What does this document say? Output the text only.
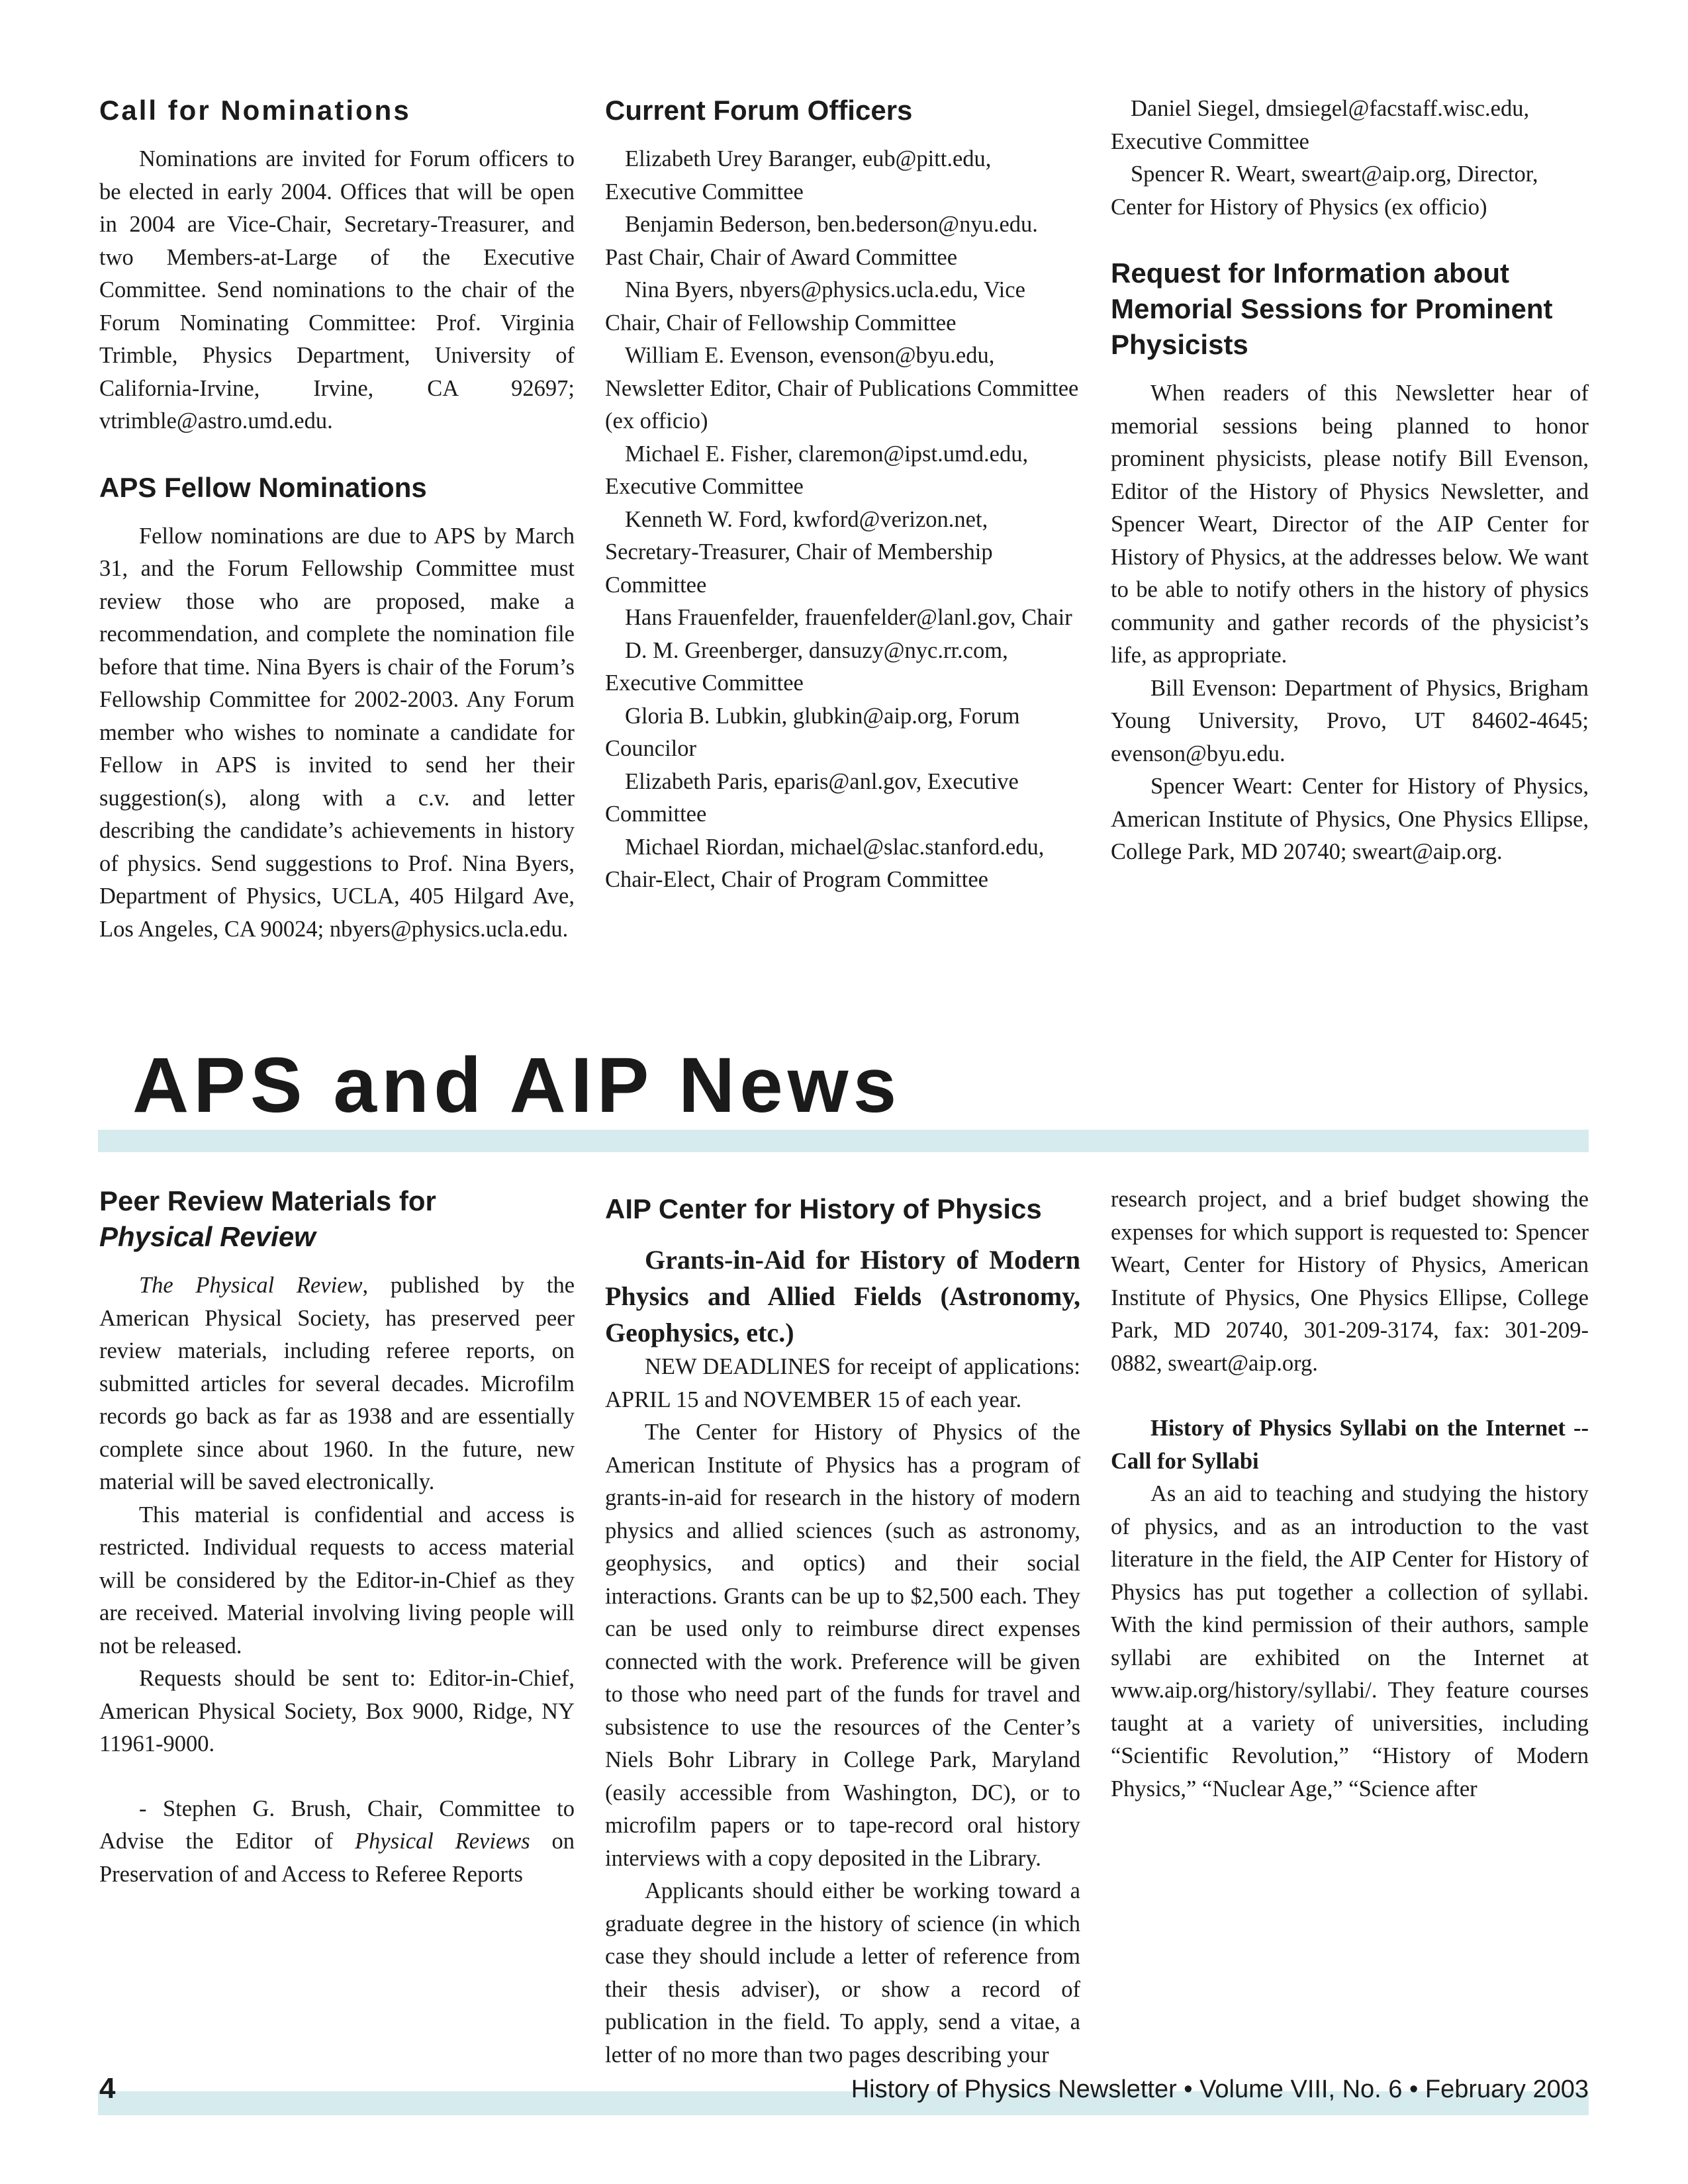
Call for Nominations

Nominations are invited for Forum officers to be elected in early 2004. Offices that will be open in 2004 are Vice-Chair, Secretary-Treasurer, and two Members-at-Large of the Executive Committee. Send nominations to the chair of the Forum Nominating Committee: Prof. Virginia Trimble, Physics Department, University of California-Irvine, Irvine, CA 92697; vtrimble@astro.umd.edu.

APS Fellow Nominations

Fellow nominations are due to APS by March 31, and the Forum Fellowship Committee must review those who are proposed, make a recommendation, and complete the nomination file before that time. Nina Byers is chair of the Forum’s Fellowship Committee for 2002-2003. Any Forum member who wishes to nominate a candidate for Fellow in APS is invited to send her their suggestion(s), along with a c.v. and letter describing the candidate’s achievements in history of physics. Send suggestions to Prof. Nina Byers, Department of Physics, UCLA, 405 Hilgard Ave, Los Angeles, CA 90024; nbyers@physics.ucla.edu.

Current Forum Officers

Elizabeth Urey Baranger, eub@pitt.edu, Executive Committee

Benjamin Bederson, ben.bederson@nyu.edu. Past Chair, Chair of Award Committee

Nina Byers, nbyers@physics.ucla.edu, Vice Chair, Chair of Fellowship Committee

William E. Evenson, evenson@byu.edu, Newsletter Editor, Chair of Publications Committee (ex officio)

Michael E. Fisher, claremon@ipst.umd.edu, Executive Committee

Kenneth W. Ford, kwford@verizon.net, Secretary-Treasurer, Chair of Membership Committee

Hans Frauenfelder, frauenfelder@lanl.gov, Chair

D. M. Greenberger, dansuzy@nyc.rr.com, Executive Committee

Gloria B. Lubkin, glubkin@aip.org, Forum Councilor

Elizabeth Paris, eparis@anl.gov, Executive Committee

Michael Riordan, michael@slac.stanford.edu, Chair-Elect, Chair of Program Committee

Daniel Siegel, dmsiegel@facstaff.wisc.edu, Executive Committee

Spencer R. Weart, sweart@aip.org, Director, Center for History of Physics (ex officio)

Request for Information about Memorial Sessions for Prominent Physicists

When readers of this Newsletter hear of memorial sessions being planned to honor prominent physicists, please notify Bill Evenson, Editor of the History of Physics Newsletter, and Spencer Weart, Director of the AIP Center for History of Physics, at the addresses below. We want to be able to notify others in the history of physics community and gather records of the physicist’s life, as appropriate.

Bill Evenson: Department of Physics, Brigham Young University, Provo, UT 84602-4645; evenson@byu.edu.

Spencer Weart: Center for History of Physics, American Institute of Physics, One Physics Ellipse, College Park, MD 20740; sweart@aip.org.

APS and AIP News
Peer Review Materials for
Physical Review

The Physical Review, published by the American Physical Society, has preserved peer review materials, including referee reports, on submitted articles for several decades. Microfilm records go back as far as 1938 and are essentially complete since about 1960. In the future, new material will be saved electronically.

This material is confidential and access is restricted. Individual requests to access material will be considered by the Editor-in-Chief as they are received. Material involving living people will not be released.

Requests should be sent to: Editor-in-Chief, American Physical Society, Box 9000, Ridge, NY 11961-9000.

- Stephen G. Brush, Chair, Committee to Advise the Editor of Physical Reviews on Preservation of and Access to Referee Reports

AIP Center for History of Physics

Grants-in-Aid for History of Modern Physics and Allied Fields (Astronomy, Geophysics, etc.)

NEW DEADLINES for receipt of applications: APRIL 15 and NOVEMBER 15 of each year.

The Center for History of Physics of the American Institute of Physics has a program of grants-in-aid for research in the history of modern physics and allied sciences (such as astronomy, geophysics, and optics) and their social interactions. Grants can be up to $2,500 each. They can be used only to reimburse direct expenses connected with the work. Preference will be given to those who need part of the funds for travel and subsistence to use the resources of the Center’s Niels Bohr Library in College Park, Maryland (easily accessible from Washington, DC), or to microfilm papers or to tape-record oral history interviews with a copy deposited in the Library.

Applicants should either be working toward a graduate degree in the history of science (in which case they should include a letter of reference from their thesis adviser), or show a record of publication in the field. To apply, send a vitae, a letter of no more than two pages describing your

research project, and a brief budget showing the expenses for which support is requested to: Spencer Weart, Center for History of Physics, American Institute of Physics, One Physics Ellipse, College Park, MD 20740, 301-209-3174, fax: 301-209-0882, sweart@aip.org.

History of Physics Syllabi on the Internet -- Call for Syllabi

As an aid to teaching and studying the history of physics, and as an introduction to the vast literature in the field, the AIP Center for History of Physics has put together a collection of syllabi. With the kind permission of their authors, sample syllabi are exhibited on the Internet at www.aip.org/history/syllabi/. They feature courses taught at a variety of universities, including “Scientific Revolution,” “History of Modern Physics,” “Nuclear Age,” “Science after

4	History of Physics Newsletter • Volume VIII, No. 6 • February 2003
